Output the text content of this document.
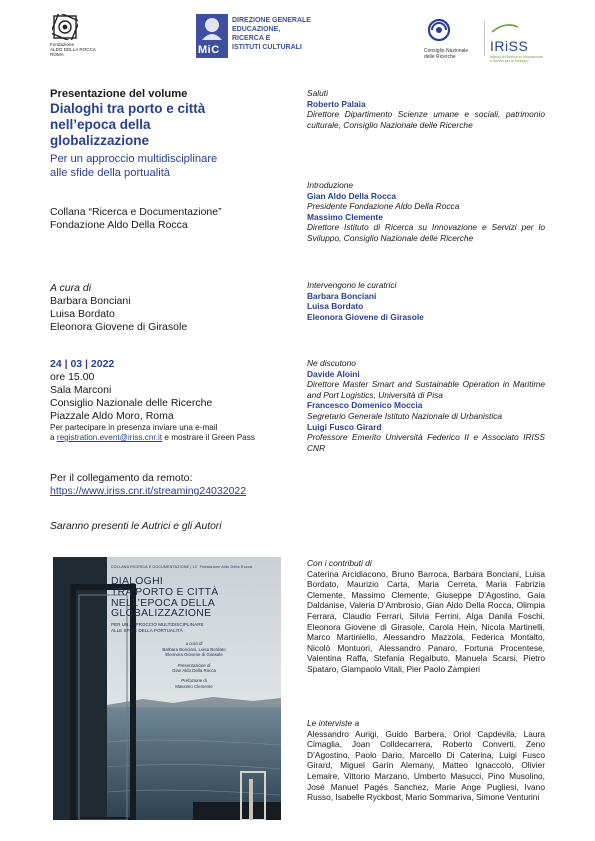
Fondazione
ALDO DELLA ROCCA
ROMA	MiC
DIREZIONE GENERALE
EDUCAZIONE,
RICERCA E
ISTITUTI CULTURALI	Consiglio Nazionale
delle Ricerche
IRiSS
Istituto di Ricerca su Innovazione
e Servizi per lo Sviluppo
Presentazione del volume
Dialoghi tra porto e città
nell’epoca della
globalizzazione
Per un approccio multidisciplinare
alle sfide della portualità
Collana “Ricerca e Documentazione”
Fondazione Aldo Della Rocca
A cura di
Barbara Bonciani
Luisa Bordato
Eleonora Giovene di Girasole
24 | 03 | 2022
ore 15.00
Sala Marconi
Consiglio Nazionale delle Ricerche
Piazzale Aldo Moro, Roma
Per partecipare in presenza inviare una e-mail
a registration.event@iriss.cnr.it e mostrare il Green Pass
Per il collegamento da remoto:
https://www.iriss.cnr.it/streaming24032022
Saranno presenti le Autrici e gli Autori
Saluti
Roberto Palaia
Direttore Dipartimento Scienze umane e sociali, patrimonio culturale, Consiglio Nazionale delle Ricerche
Introduzione
Gian Aldo Della Rocca
Presidente Fondazione Aldo Della Rocca
Massimo Clemente
Direttore Istituto di Ricerca su Innovazione e Servizi per lo Sviluppo, Consiglio Nazionale delle Ricerche
Intervengono le curatrici
Barbara Bonciani
Luisa Bordato
Eleonora Giovene di Girasole
Ne discutono
Davide Aloini
Direttore Master Smart and Sustainable Operation in Maritime and Port Logistics, Università di Pisa
Francesco Domenico Moccia
Segretario Generale Istituto Nazionale di Urbanistica
Luigi Fusco Girard
Professore Emerito Università Federico II e Associato IRISS CNR
Con i contributi di
Caterina Arcidiacono, Bruno Barroca, Barbara Bonciani, Luisa Bordato, Maurizio Carta, Maria Cerreta, Maria Fabrizia Clemente, Massimo Clemente, Giuseppe D’Agostino, Gaia Daldanise, Valeria D’Ambrosio, Gian Aldo Della Rocca, Olimpia Ferrara, Claudio Ferrari, Silvia Ferrini, Alga Danila Foschi, Eleonora Giovene di Girasole, Carola Hein, Nicola Martinelli, Marco Martiniello, Alessandro Mazzola, Federica Montalto, Nicolò Montuori, Alessandro Panaro, Fortuna Procentese, Valentina Raffa, Stefania Regalbuto, Manuela Scarsi, Pietro Spataro, Giampaolo Vitali, Pier Paolo Zampieri
Le interviste a
Alessandro Aurigi, Guido Barbera, Oriol Capdevila, Laura Cimaglia, Joan Colldecarrera, Roberto Converti, Zeno D’Agostino, Paolo Dario, Marcello Di Caterina, Luigi Fusco Girard, Miguel Garín Alemany, Matteo Ignaccolo, Olivier Lemaire, Vittorio Marzano, Umberto Masucci, Pino Musolino, José Manuel Pagés Sanchez, Marie Ange Pugliesi, Ivano Russo, Isabelle Ryckbost, Mario Sommariva, Simone Venturini
COLLANA RICERCA E DOCUMENTAZIONE | 12 Fondazione Aldo Della Rocca
DIALOGHI
TRA PORTO E CITTÀ
NELL’EPOCA DELLA
GLOBALIZZAZIONE
PER UN APPROCCIO MULTIDISCIPLINARE
ALLE SFIDE DELLA PORTUALITÀ
a cura di
Barbara Bonciani, Luisa Bordato
Eleonora Giovene di Girasole
Presentazione di
Gian Aldo Della Rocca
Prefazione di
Massimo Clemente
